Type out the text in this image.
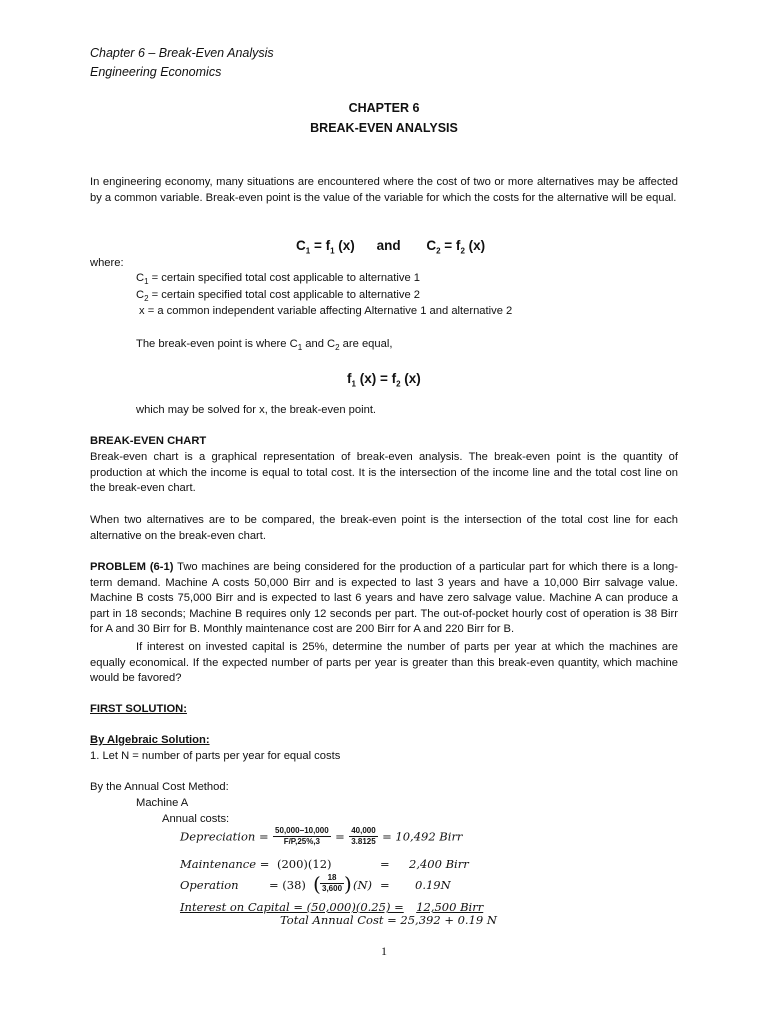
Chapter 6 – Break-Even Analysis
Engineering Economics
CHAPTER 6
BREAK-EVEN ANALYSIS

In engineering economy, many situations are encountered where the cost of two or more alternatives may be affected by a common variable. Break-even point is the value of the variable for which the costs for the alternative will be equal.

$C_1 = f_1$ (x) and $C_2 = f_2$ (x)
where:
$C_1$ = certain specified total cost applicable to alternative 1
$C_2$ = certain specified total cost applicable to alternative 2
x = a common independent variable affecting Alternative 1 and alternative 2
The break-even point is where $C_1$ and $C_2$ are equal,
$f_1$ $(x) = f_2$ (x)
which may be solved for x, the break-even point.
BREAK-EVEN CHART

Break-even chart is a graphical representation of break-even analysis. The break-even point is the quantity of production at which the income is equal to total cost. It is the intersection of the income line and the total cost line on the break-even chart.

When two alternatives are to be compared, the break-even point is the intersection of the total cost line for each alternative on the break-even chart.

PROBLEM (6-1) Two machines are being considered for the production of a particular part for which there is a long- term demand. Machine A costs 50,000 Birr and is expected to last 3 years and have a 10,000 Birr salvage value. Machine B costs 75,000 Birr and is expected to last 6 years and have zero salvage value. Machine A can produce a part in 18 seconds; Machine B requires only 12 seconds per part. The out-of-pocket hourly cost of operation is 38 Birr for A and 30 Birr for B. Monthly maintenance cost are 200 Birr for A and 220 Birr for B.

If interest on invested capital is 25%, determine the number of parts per year at which the machines are equally economical. If the expected number of parts per year is greater than this break-even quantity, which machine would be favored?

FIRST SOLUTION:
By Algebraic Solution:
1. Let N = number of parts per year for equal costs
By the Annual Cost Method:
Machine A
Annual costs:
Depreciation = $\frac{50,000-10,000}{F/P,25\%,3} = \frac{40,000}{3.8125} = 10,492$ Birr
Maintenance = (200)(12)	= 2,400 Birr
Operation	= (38) ( $\frac{18}{3,600}$ ) (N) = 0.19N
Interest on Capital = (50,000)(0.25) = 12,500 Birr
Total Annual Cost = 25,392 + 0.19 N
1
